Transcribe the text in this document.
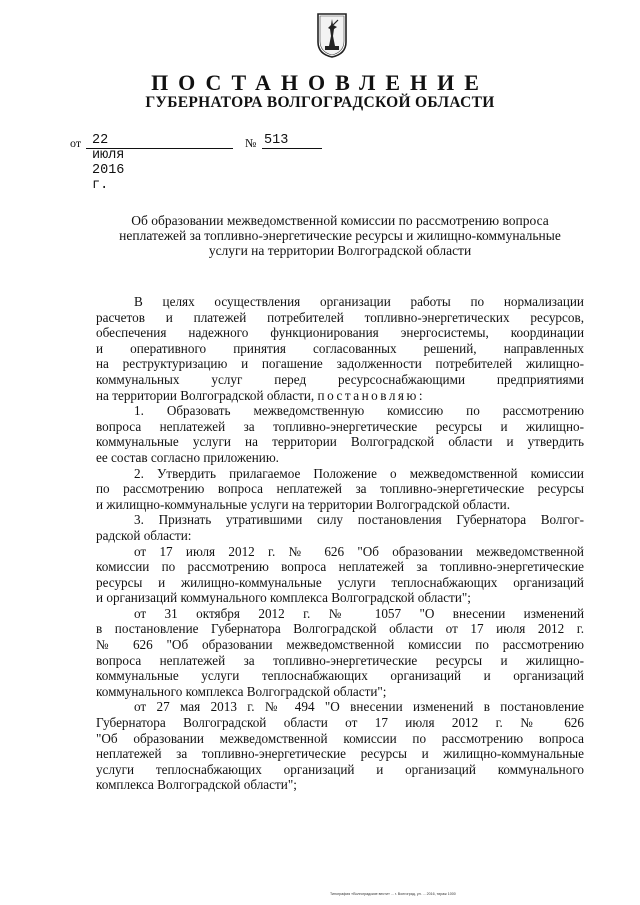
ПОСТАНОВЛЕНИЕ
ГУБЕРНАТОРА ВОЛГОГРАДСКОЙ ОБЛАСТИ
от 22 июля 2016 г.
№ 513
Об образовании межведомственной комиссии по рассмотрению вопроса
неплатежей за топливно-энергетические ресурсы и жилищно-коммунальные
услуги на территории Волгоградской области

В целях осуществления организации работы по нормализации

расчетов и платежей потребителей топливно-энергетических ресурсов,

обеспечения надежного функционирования энергосистемы, координации

и оперативного принятия согласованных решений, направленных

на реструктуризацию и погашение задолженности потребителей жилищно-

коммунальных услуг перед ресурсоснабжающими предприятиями

на территории Волгоградской области, постановляю:

1. Образовать межведомственную комиссию по рассмотрению

вопроса неплатежей за топливно-энергетические ресурсы и жилищно-

коммунальные услуги на территории Волгоградской области и утвердить

ее состав согласно приложению.

2. Утвердить прилагаемое Положение о межведомственной комиссии

по рассмотрению вопроса неплатежей за топливно-энергетические ресурсы

и жилищно-коммунальные услуги на территории Волгоградской области.

3. Признать утратившими силу постановления Губернатора Волгог-

радской области:

от 17 июля 2012 г. № 626 "Об образовании межведомственной

комиссии по рассмотрению вопроса неплатежей за топливно-энергетические

ресурсы и жилищно-коммунальные услуги теплоснабжающих организаций

и организаций коммунального комплекса Волгоградской области";

от 31 октября 2012 г. № 1057 "О внесении изменений

в постановление Губернатора Волгоградской области от 17 июля 2012 г.

№ 626 "Об образовании межведомственной комиссии по рассмотрению

вопроса неплатежей за топливно-энергетические ресурсы и жилищно-

коммунальные услуги теплоснабжающих организаций и организаций

коммунального комплекса Волгоградской области";

от 27 мая 2013 г. № 494 "О внесении изменений в постановление

Губернатора Волгоградской области от 17 июля 2012 г. № 626

"Об образовании межведомственной комиссии по рассмотрению вопроса

неплатежей за топливно-энергетические ресурсы и жилищно-коммунальные

услуги теплоснабжающих организаций и организаций коммунального

комплекса Волгоградской области";

Типография «Волгоградские вести» ... г. Волгоград, ул. ... 2016, тираж 1000
